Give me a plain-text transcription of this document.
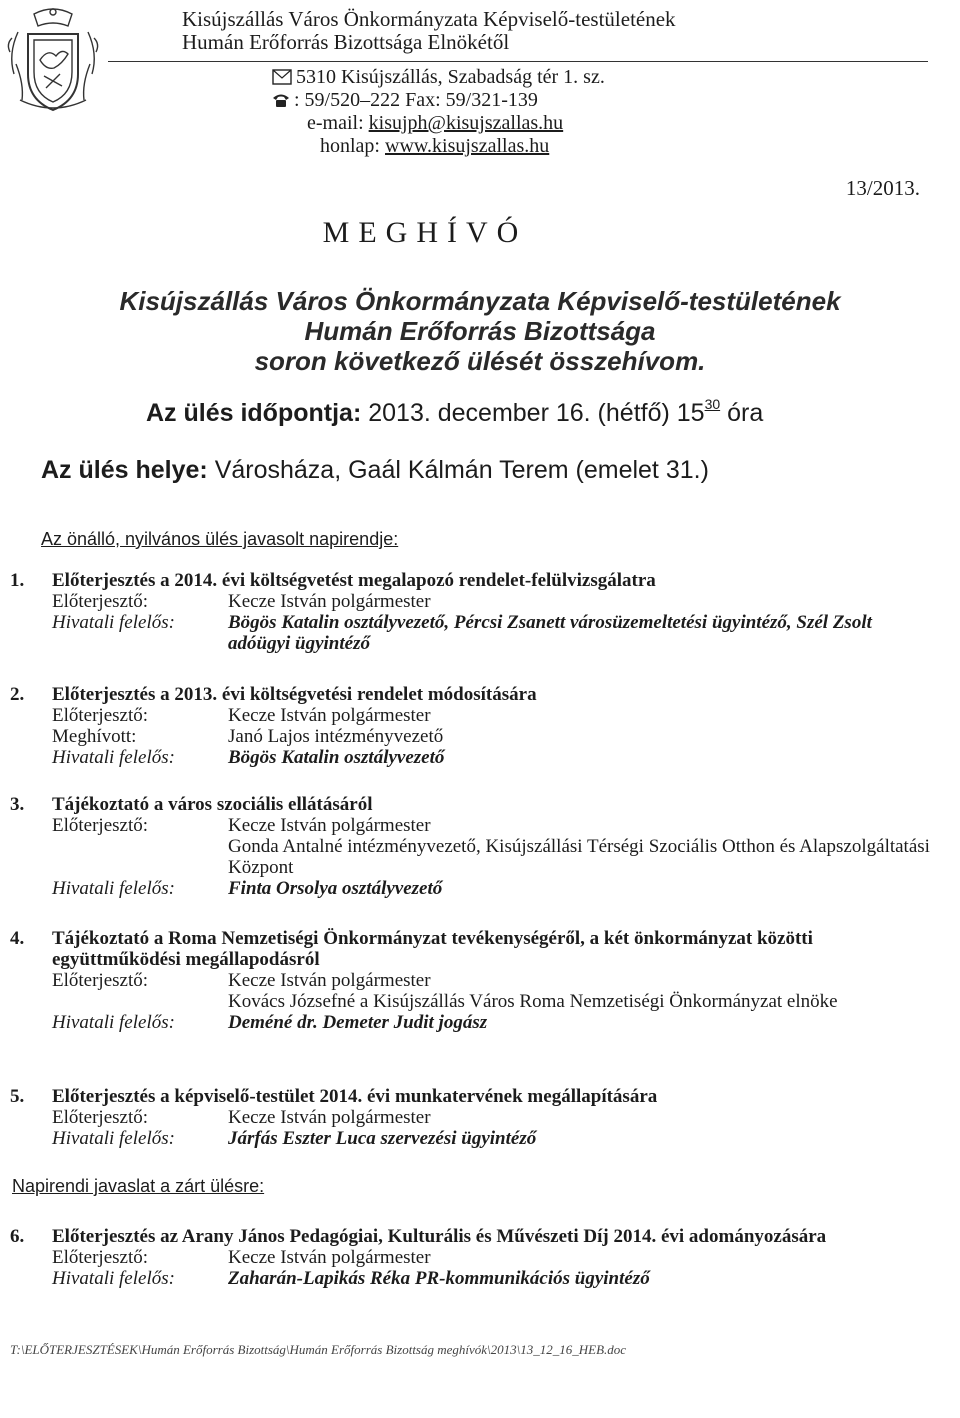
Kisújszállás Város Önkormányzata Képviselő-testületének
Humán Erőforrás Bizottsága Elnökétől
5310 Kisújszállás, Szabadság tér 1. sz.
: 59/520–222 Fax: 59/321-139
e-mail: kisujph@kisujszallas.hu
honlap: www.kisujszallas.hu
13/2013.
MEGHÍVÓ
Kisújszállás Város Önkormányzata Képviselő-testületének
Humán Erőforrás Bizottsága
soron következő ülését összehívom.
Az ülés időpontja: 2013. december 16. (hétfő) $15^{30}$ óra
Az ülés helye: Városháza, Gaál Kálmán Terem (emelet 31.)
Az önálló, nyilvános ülés javasolt napirendje:
1. Előterjesztés a 2014. évi költségvetést megalapozó rendelet-felülvizsgálatra
Előterjesztő:	Kecze István polgármester
Hivatali felelős:	Bögös Katalin osztályvezető, Pércsi Zsanett városüzemeltetési ügyintéző, Szél Zsolt adóügyi ügyintéző
2. Előterjesztés a 2013. évi költségvetési rendelet módosítására
Előterjesztő:	Kecze István polgármester
Meghívott:	Janó Lajos intézményvezető
Hivatali felelős:	Bögös Katalin osztályvezető
3. Tájékoztató a város szociális ellátásáról
Előterjesztő:	Kecze István polgármester
Gonda Antalné intézményvezető, Kisújszállási Térségi Szociális Otthon és Alapszolgáltatási Központ
Hivatali felelős:	Finta Orsolya osztályvezető
4. Tájékoztató a Roma Nemzetiségi Önkormányzat tevékenységéről, a két önkormányzat közötti együttműködési megállapodásról
Előterjesztő:	Kecze István polgármester
Kovács Józsefné a Kisújszállás Város Roma Nemzetiségi Önkormányzat elnöke
Hivatali felelős:	Deméné dr. Demeter Judit jogász
5. Előterjesztés a képviselő-testület 2014. évi munkatervének megállapítására
Előterjesztő:	Kecze István polgármester
Hivatali felelős:	Járfás Eszter Luca szervezési ügyintéző
Napirendi javaslat a zárt ülésre:
6. Előterjesztés az Arany János Pedagógiai, Kulturális és Művészeti Díj 2014. évi adományozására
Előterjesztő:	Kecze István polgármester
Hivatali felelős:	Zaharán-Lapikás Réka PR-kommunikációs ügyintéző
T:\ELŐTERJESZTÉSEK\Humán Erőforrás Bizottság\Humán Erőforrás Bizottság meghívók\2013\13_12_16_HEB.doc
